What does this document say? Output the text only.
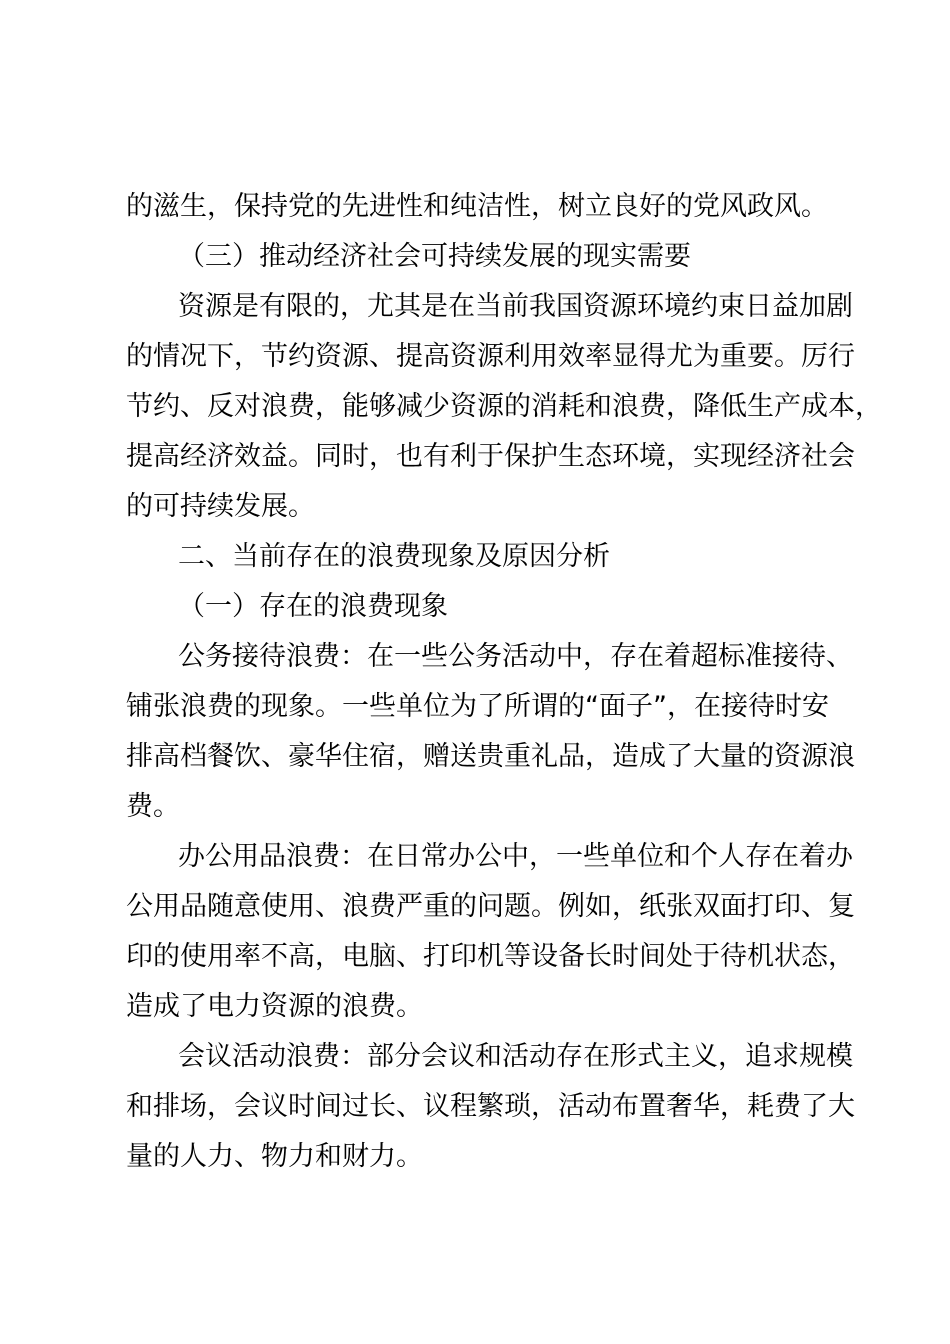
的滋生，保持党的先进性和纯洁性，树立良好的党风政风。
（三）推动经济社会可持续发展的现实需要
资源是有限的，尤其是在当前我国资源环境约束日益加剧
的情况下，节约资源、提高资源利用效率显得尤为重要。厉行
节约、反对浪费，能够减少资源的消耗和浪费，降低生产成本，
提高经济效益。同时，也有利于保护生态环境，实现经济社会
的可持续发展。
二、当前存在的浪费现象及原因分析
（一）存在的浪费现象
公务接待浪费：在一些公务活动中，存在着超标准接待、
铺张浪费的现象。一些单位为了所谓的“面子”，在接待时安
排高档餐饮、豪华住宿，赠送贵重礼品，造成了大量的资源浪
费。
办公用品浪费：在日常办公中，一些单位和个人存在着办
公用品随意使用、浪费严重的问题。例如，纸张双面打印、复
印的使用率不高，电脑、打印机等设备长时间处于待机状态，
造成了电力资源的浪费。
会议活动浪费：部分会议和活动存在形式主义，追求规模
和排场，会议时间过长、议程繁琐，活动布置奢华，耗费了大
量的人力、物力和财力。
